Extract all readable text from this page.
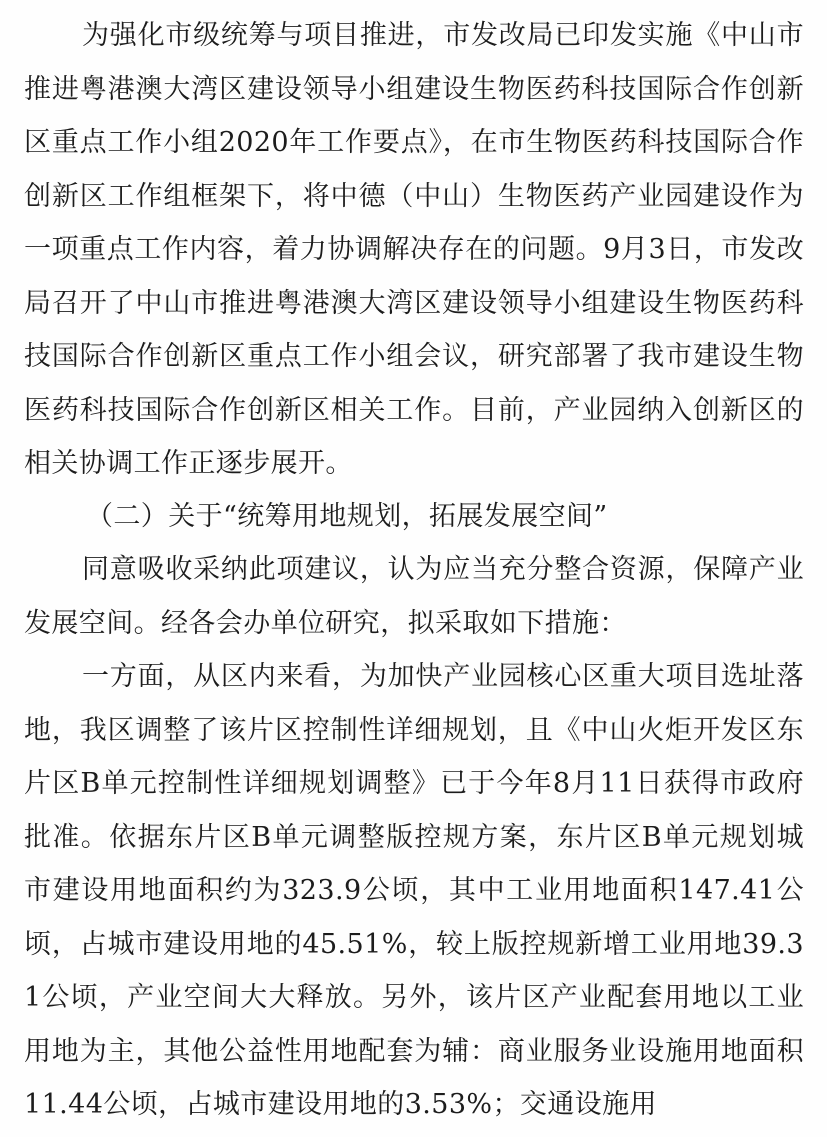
为强化市级统筹与项目推进，市发改局已印发实施《中山市推进粤港澳大湾区建设领导小组建设生物医药科技国际合作创新区重点工作小组2020年工作要点》，在市生物医药科技国际合作创新区工作组框架下，将中德（中山）生物医药产业园建设作为一项重点工作内容，着力协调解决存在的问题。9月3日，市发改局召开了中山市推进粤港澳大湾区建设领导小组建设生物医药科技国际合作创新区重点工作小组会议，研究部署了我市建设生物医药科技国际合作创新区相关工作。目前，产业园纳入创新区的相关协调工作正逐步展开。

（二）关于“统筹用地规划，拓展发展空间”

同意吸收采纳此项建议，认为应当充分整合资源，保障产业发展空间。经各会办单位研究，拟采取如下措施：

一方面，从区内来看，为加快产业园核心区重大项目选址落地，我区调整了该片区控制性详细规划，且《中山火炬开发区东片区B单元控制性详细规划调整》已于今年8月11日获得市政府批准。依据东片区B单元调整版控规方案，东片区B单元规划城市建设用地面积约为323.9公顷，其中工业用地面积147.41公顷，占城市建设用地的45.51%，较上版控规新增工业用地39.31公顷，产业空间大大释放。另外，该片区产业配套用地以工业用地为主，其他公益性用地配套为辅：商业服务业设施用地面积11.44公顷，占城市建设用地的3.53%；交通设施用
